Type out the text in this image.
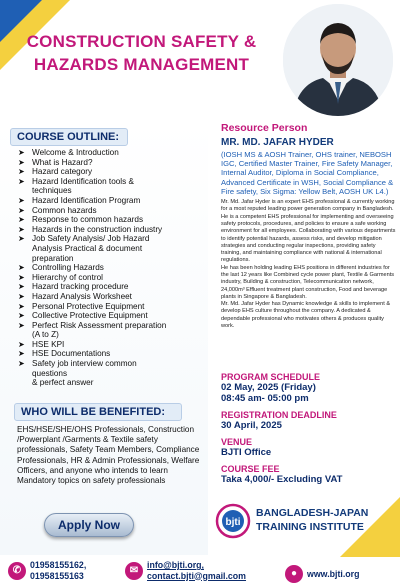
CONSTRUCTION SAFETY &
HAZARDS MANAGEMENT
COURSE OUTLINE:
➤ Welcome & Introduction
➤ What is Hazard?
➤ Hazard category
➤ Hazard Identification tools &
techniques
➤ Hazard Identification Program
➤ Common hazards
➤ Response to common hazards
➤ Hazards in the construction industry
➤ Job Safety Analysis/ Job Hazard
Analysis Practical & document
preparation
➤ Controlling Hazards
➤ Hierarchy of control
➤ Hazard tracking procedure
➤ Hazard Analysis Worksheet
➤ Personal Protective Equipment
➤ Collective Protective Equipment
➤ Perfect Risk Assessment preparation
(A to Z)
➤ HSE KPI
➤ HSE Documentations
➤ Safety job interview common
questions
& perfect answer
WHO WILL BE BENEFITED:
EHS/HSE/SHE/OHS Professionals, Construction /Powerplant /Garments & Textile safety professionals, Safety Team Members, Compliance Professionals, HR & Admin Professionals, Welfare Officers, and anyone who intends to learn Mandatory topics on safety professionals
Apply Now
Resource Person
MR. MD. JAFAR HYDER
(IOSH MS & AOSH Trainer, OHS trainer, NEBOSH IGC, Certified Master Trainer, Fire Safety Manager, Internal Auditor, Diploma in Social Compliance, Advanced Certificate in WSH, Social Compliance & Fire safety, Six Sigma: Yellow Belt, AOSH UK L4.)
Mr. Md. Jafar Hyder is an expert EHS professional & currently working for a most reputed leading power generation company in Bangladesh.
He is a competent EHS professional for implementing and overseeing safety protocols, procedures, and policies to ensure a safe working environment for all employees. Collaborating with various departments to identify potential hazards, assess risks, and develop mitigation strategies and conducting regular inspections, providing safety training, and maintaining compliance with national & international regulations.
He has been holding leading EHS positions in different industries for the last 12 years like Combined cycle power plant, Textile & Garments industry, Building & construction, Telecommunication network, 24,000m³ Effluent treatment plant construction, Food and beverage plants in Singapore & Bangladesh.
Mr. Md. Jafar Hyder has Dynamic knowledge & skills to implement & develop EHS culture throughout the company. A dedicated & dependable professional who motivates others & produces quality work.
PROGRAM SCHEDULE
02 May, 2025 (Friday)
08:45 am- 05:00 pm
REGISTRATION DEADLINE
30 April, 2025
VENUE
BJTI Office
COURSE FEE
Taka 4,000/- Excluding VAT
bjti
BANGLADESH-JAPAN
TRAINING INSTITUTE
✆	01958155162,
01958155163	✉	info@bjti.org,
contact.bjti@gmail.com	●	www.bjti.org
